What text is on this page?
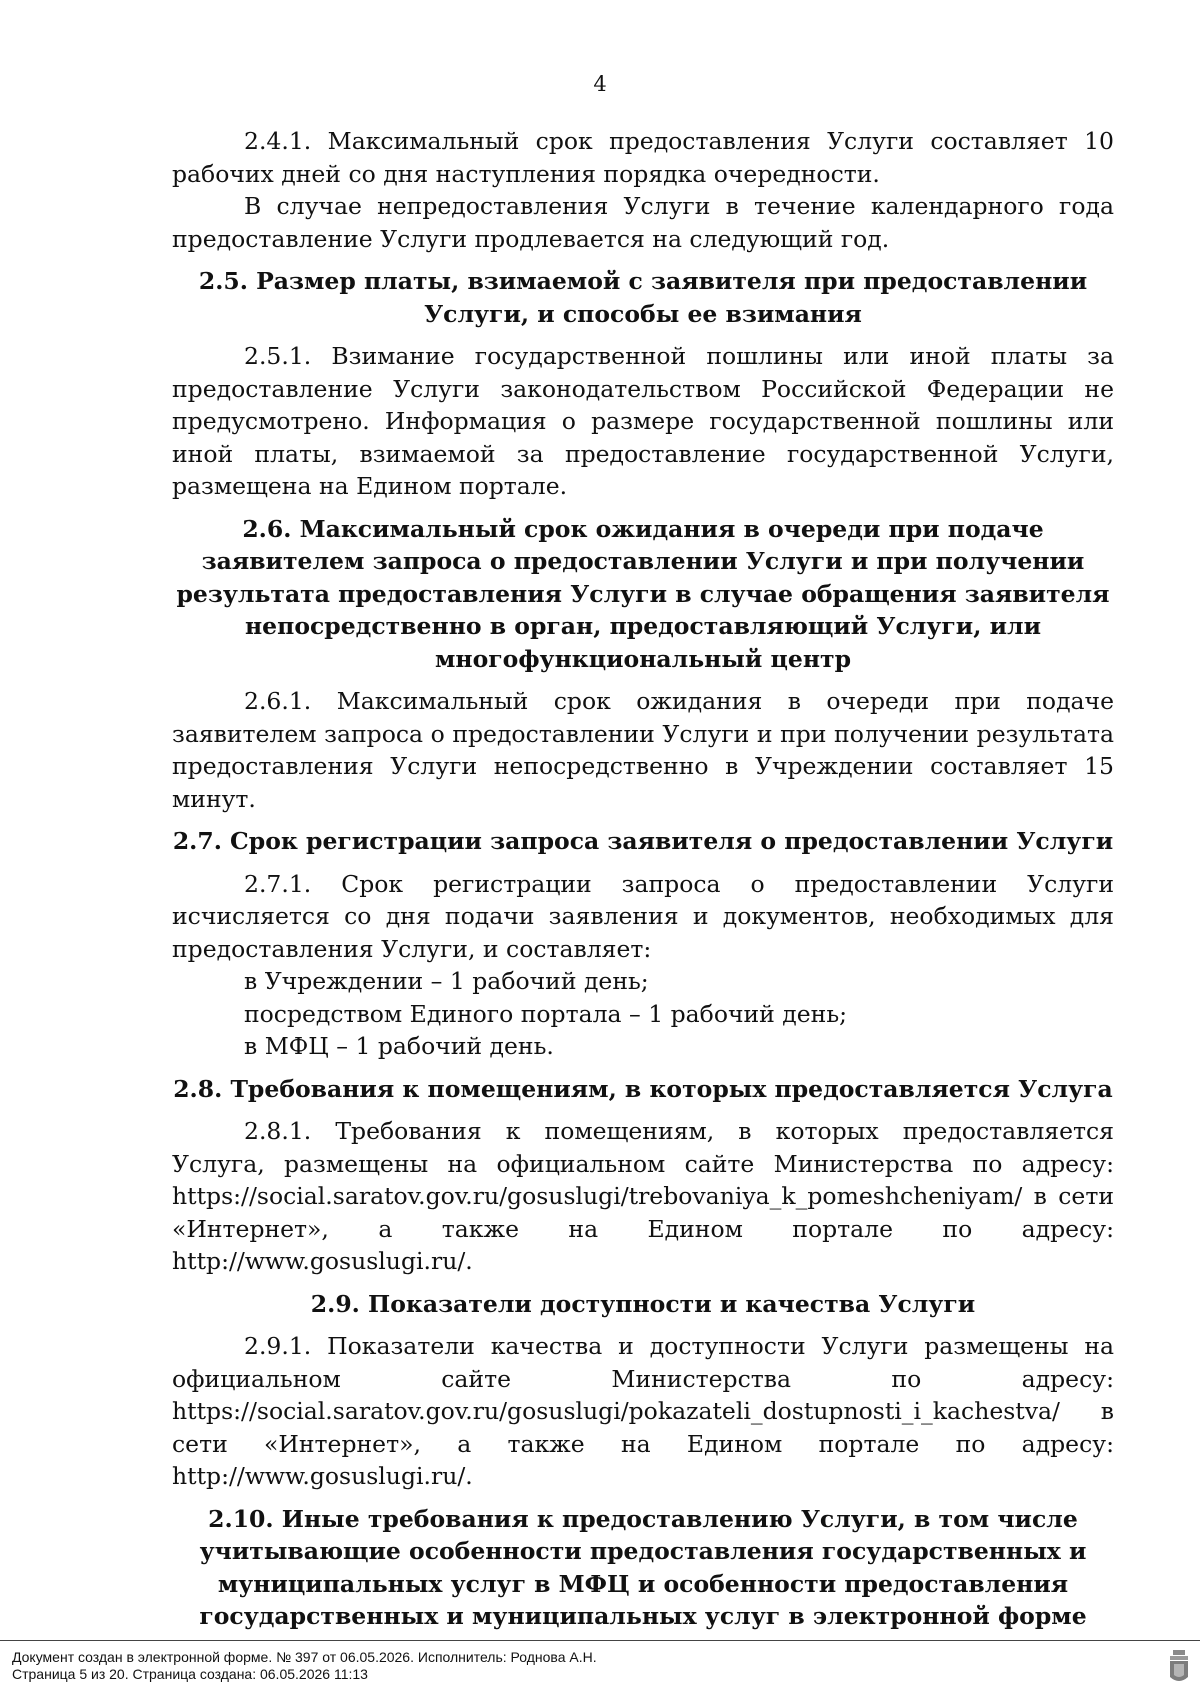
4

2.4.1. Максимальный срок предоставления Услуги составляет 10 рабочих дней со дня наступления порядка очередности.

В случае непредоставления Услуги в течение календарного года предоставление Услуги продлевается на следующий год.

2.5. Размер платы, взимаемой с заявителя при предоставлении Услуги, и способы ее взимания

2.5.1. Взимание государственной пошлины или иной платы за предоставление Услуги законодательством Российской Федерации не предусмотрено. Информация о размере государственной пошлины или иной платы, взимаемой за предоставление государственной Услуги, размещена на Едином портале.

2.6. Максимальный срок ожидания в очереди при подаче заявителем запроса о предоставлении Услуги и при получении результата предоставления Услуги в случае обращения заявителя непосредственно в орган, предоставляющий Услуги, или многофункциональный центр

2.6.1. Максимальный срок ожидания в очереди при подаче заявителем запроса о предоставлении Услуги и при получении результата предоставления Услуги непосредственно в Учреждении составляет 15 минут.

2.7. Срок регистрации запроса заявителя о предоставлении Услуги

2.7.1. Срок регистрации запроса о предоставлении Услуги исчисляется со дня подачи заявления и документов, необходимых для предоставления Услуги, и составляет:

в Учреждении – 1 рабочий день;

посредством Единого портала – 1 рабочий день;

в МФЦ – 1 рабочий день.

2.8. Требования к помещениям, в которых предоставляется Услуга

2.8.1. Требования к помещениям, в которых предоставляется Услуга, размещены на официальном сайте Министерства по адресу: https://social.saratov.gov.ru/gosuslugi/trebovaniya_k_pomeshcheniyam/ в сети «Интернет», а также на Едином портале по адресу: http://www.gosuslugi.ru/.

2.9. Показатели доступности и качества Услуги

2.9.1. Показатели качества и доступности Услуги размещены на официальном сайте Министерства по адресу: https://social.saratov.gov.ru/gosuslugi/pokazateli_dostupnosti_i_kachestva/ в сети «Интернет», а также на Едином портале по адресу: http://www.gosuslugi.ru/.

2.10. Иные требования к предоставлению Услуги, в том числе учитывающие особенности предоставления государственных и муниципальных услуг в МФЦ и особенности предоставления государственных и муниципальных услуг в электронной форме

Документ создан в электронной форме. № 397 от 06.05.2026. Исполнитель: Роднова А.Н.
Страница 5 из 20. Страница создана: 06.05.2026 11:13
